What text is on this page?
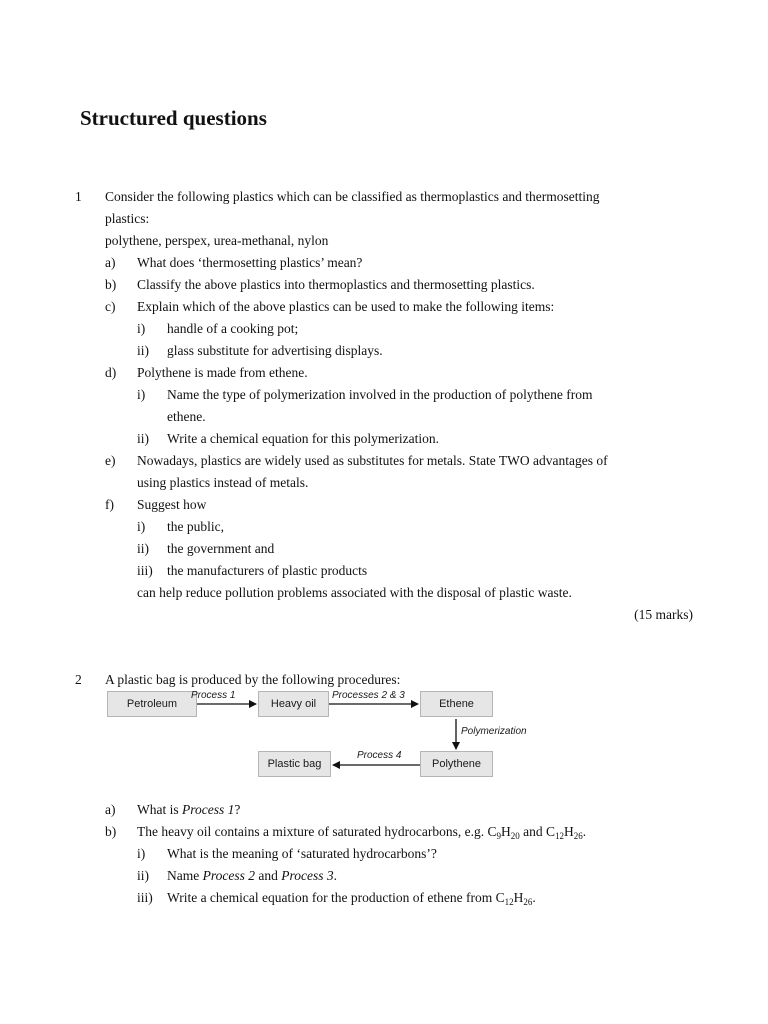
Structured questions
1 Consider the following plastics which can be classified as thermoplastics and thermosetting
plastics:
polythene, perspex, urea-methanal, nylon
a) What does ‘thermosetting plastics’ mean?
b) Classify the above plastics into thermoplastics and thermosetting plastics.
c) Explain which of the above plastics can be used to make the following items:
i) handle of a cooking pot;
ii) glass substitute for advertising displays.
d) Polythene is made from ethene.
i) Name the type of polymerization involved in the production of polythene from
ethene.
ii) Write a chemical equation for this polymerization.
e) Nowadays, plastics are widely used as substitutes for metals. State TWO advantages of
using plastics instead of metals.
f) Suggest how
i) the public,
ii) the government and
iii) the manufacturers of plastic products
can help reduce pollution problems associated with the disposal of plastic waste.
(15 marks)
2 A plastic bag is produced by the following procedures:
Petroleum	Heavy oil	Ethene
Polythene
Plastic bag
Process 1	Processes 2 & 3
Polymerization
Process 4
a) What is Process 1?
b) The heavy oil contains a mixture of saturated hydrocarbons, e.g. $C_9H_{20}$ and $C_{12}H_{26}$.
i) What is the meaning of ‘saturated hydrocarbons’?
ii) Name Process 2 and Process 3.
iii) Write a chemical equation for the production of ethene from $C_{12}H_{26}$.
